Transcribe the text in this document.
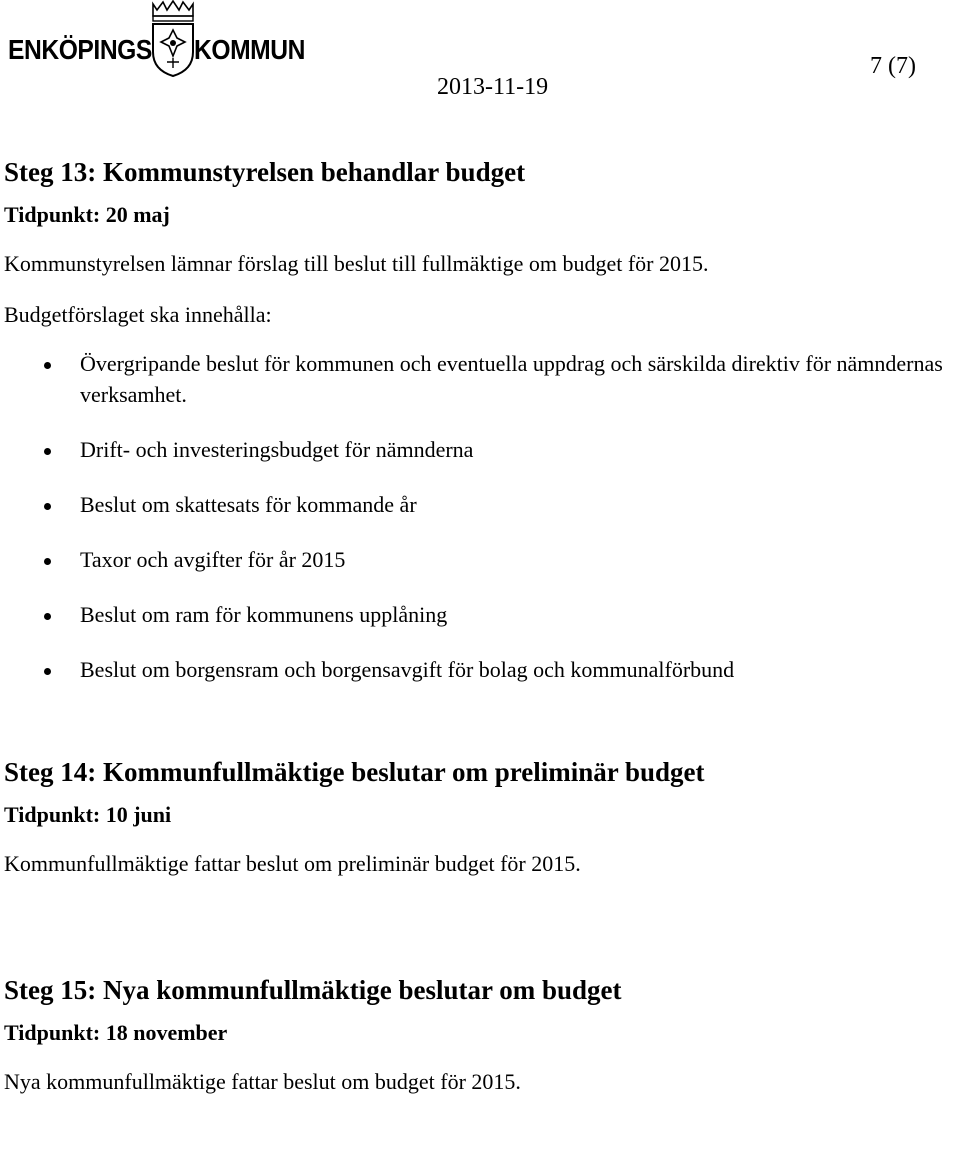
ENKÖPINGS KOMMUN
7 (7)
2013-11-19
Steg 13: Kommunstyrelsen behandlar budget
Tidpunkt: 20 maj

Kommunstyrelsen lämnar förslag till beslut till fullmäktige om budget för 2015.

Budgetförslaget ska innehålla:

Övergripande beslut för kommunen och eventuella uppdrag och särskilda direktiv för nämndernas verksamhet.
Drift- och investeringsbudget för nämnderna
Beslut om skattesats för kommande år
Taxor och avgifter för år 2015
Beslut om ram för kommunens upplåning
Beslut om borgensram och borgensavgift för bolag och kommunalförbund
Steg 14: Kommunfullmäktige beslutar om preliminär budget
Tidpunkt: 10 juni

Kommunfullmäktige fattar beslut om preliminär budget för 2015.

Steg 15: Nya kommunfullmäktige beslutar om budget
Tidpunkt: 18 november

Nya kommunfullmäktige fattar beslut om budget för 2015.
